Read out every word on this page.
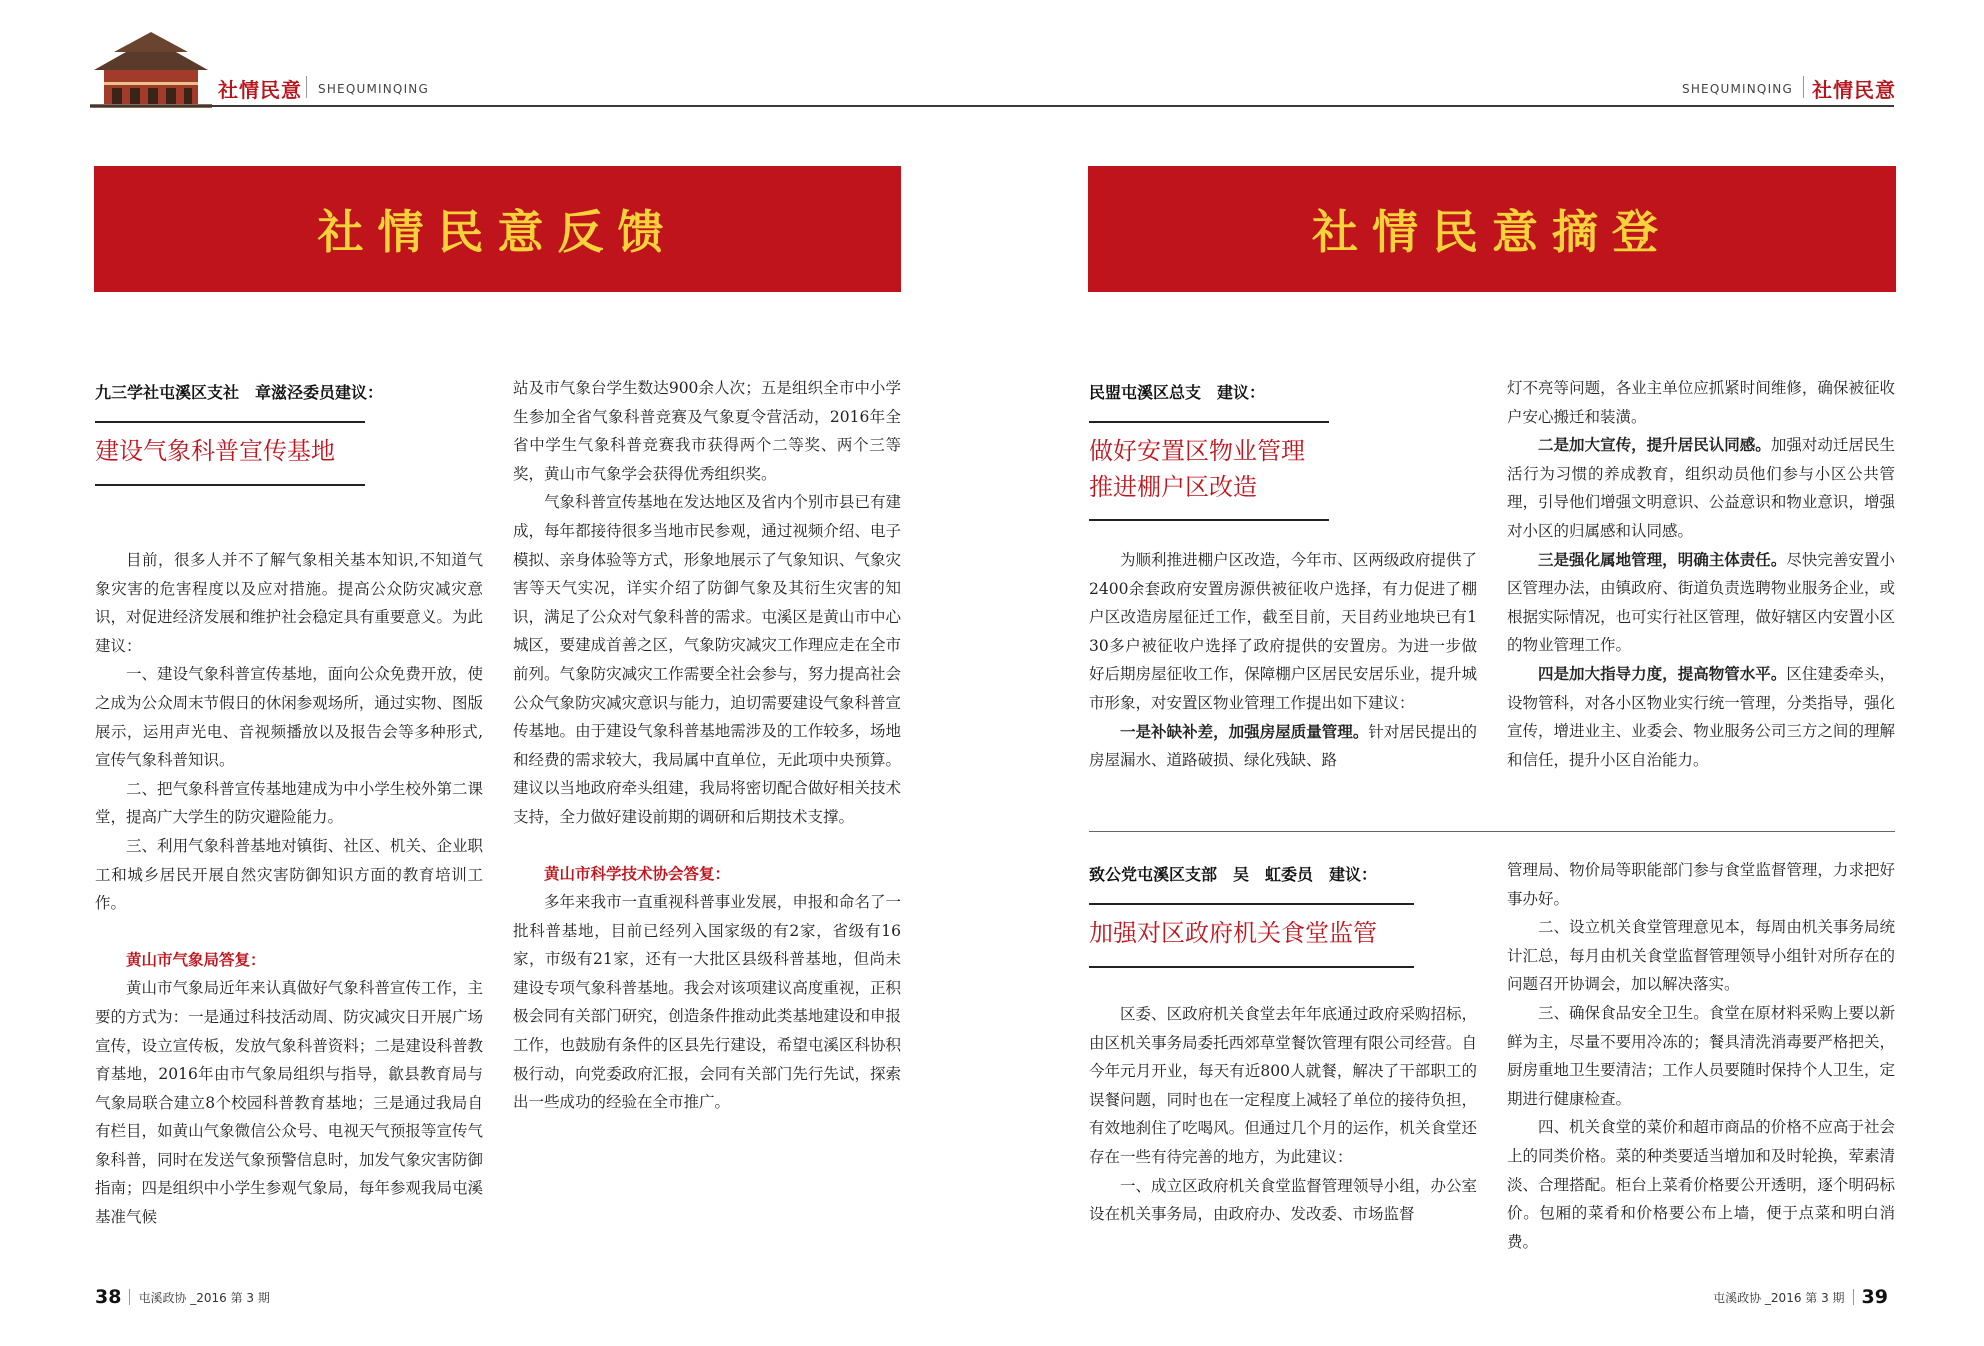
社情民意 SHEQUMINQING	SHEQUMINQING 社情民意
社情民意反馈	社情民意摘登
九三学社屯溪区支社　章滋泾委员建议：
建设气象科普宣传基地

目前，很多人并不了解气象相关基本知识,不知道气象灾害的危害程度以及应对措施。提高公众防灾减灾意识，对促进经济发展和维护社会稳定具有重要意义。为此建议：

一、建设气象科普宣传基地，面向公众免费开放，使之成为公众周末节假日的休闲参观场所，通过实物、图版展示，运用声光电、音视频播放以及报告会等多种形式,宣传气象科普知识。

二、把气象科普宣传基地建成为中小学生校外第二课堂，提高广大学生的防灾避险能力。

三、利用气象科普基地对镇街、社区、机关、企业职工和城乡居民开展自然灾害防御知识方面的教育培训工作。

黄山市气象局答复：

黄山市气象局近年来认真做好气象科普宣传工作，主要的方式为：一是通过科技活动周、防灾减灾日开展广场宣传，设立宣传板，发放气象科普资料；二是建设科普教育基地，2016年由市气象局组织与指导，歙县教育局与气象局联合建立8个校园科普教育基地；三是通过我局自有栏目，如黄山气象微信公众号、电视天气预报等宣传气象科普，同时在发送气象预警信息时，加发气象灾害防御指南；四是组织中小学生参观气象局，每年参观我局屯溪基准气候

站及市气象台学生数达900余人次；五是组织全市中小学生参加全省气象科普竞赛及气象夏令营活动，2016年全省中学生气象科普竞赛我市获得两个二等奖、两个三等奖，黄山市气象学会获得优秀组织奖。

气象科普宣传基地在发达地区及省内个别市县已有建成，每年都接待很多当地市民参观，通过视频介绍、电子模拟、亲身体验等方式，形象地展示了气象知识、气象灾害等天气实况，详实介绍了防御气象及其衍生灾害的知识，满足了公众对气象科普的需求。屯溪区是黄山市中心城区，要建成首善之区，气象防灾减灾工作理应走在全市前列。气象防灾减灾工作需要全社会参与，努力提高社会公众气象防灾减灾意识与能力，迫切需要建设气象科普宣传基地。由于建设气象科普基地需涉及的工作较多，场地和经费的需求较大，我局属中直单位，无此项中央预算。建议以当地政府牵头组建，我局将密切配合做好相关技术支持，全力做好建设前期的调研和后期技术支撑。

黄山市科学技术协会答复：

多年来我市一直重视科普事业发展，申报和命名了一批科普基地，目前已经列入国家级的有2家，省级有16家，市级有21家，还有一大批区县级科普基地，但尚未建设专项气象科普基地。我会对该项建议高度重视，正积极会同有关部门研究，创造条件推动此类基地建设和申报工作，也鼓励有条件的区县先行建设，希望屯溪区科协积极行动，向党委政府汇报，会同有关部门先行先试，探索出一些成功的经验在全市推广。

38 屯溪政协 _2016 第 3 期
民盟屯溪区总支　建议：
做好安置区物业管理
推进棚户区改造

为顺利推进棚户区改造，今年市、区两级政府提供了2400余套政府安置房源供被征收户选择，有力促进了棚户区改造房屋征迁工作，截至目前，天目药业地块已有130多户被征收户选择了政府提供的安置房。为进一步做好后期房屋征收工作，保障棚户区居民安居乐业，提升城市形象，对安置区物业管理工作提出如下建议：

一是补缺补差，加强房屋质量管理。针对居民提出的房屋漏水、道路破损、绿化残缺、路

灯不亮等问题，各业主单位应抓紧时间维修，确保被征收户安心搬迁和装潢。

二是加大宣传，提升居民认同感。加强对动迁居民生活行为习惯的养成教育，组织动员他们参与小区公共管理，引导他们增强文明意识、公益意识和物业意识，增强对小区的归属感和认同感。

三是强化属地管理，明确主体责任。尽快完善安置小区管理办法，由镇政府、街道负责选聘物业服务企业，或根据实际情况，也可实行社区管理，做好辖区内安置小区的物业管理工作。

四是加大指导力度，提高物管水平。区住建委牵头，设物管科，对各小区物业实行统一管理，分类指导，强化宣传，增进业主、业委会、物业服务公司三方之间的理解和信任，提升小区自治能力。

致公党屯溪区支部　吴　虹委员　建议：
加强对区政府机关食堂监管

区委、区政府机关食堂去年年底通过政府采购招标，由区机关事务局委托西郊草堂餐饮管理有限公司经营。自今年元月开业，每天有近800人就餐，解决了干部职工的误餐问题，同时也在一定程度上减轻了单位的接待负担，有效地刹住了吃喝风。但通过几个月的运作，机关食堂还存在一些有待完善的地方，为此建议：

一、成立区政府机关食堂监督管理领导小组，办公室设在机关事务局，由政府办、发改委、市场监督

管理局、物价局等职能部门参与食堂监督管理，力求把好事办好。

二、设立机关食堂管理意见本，每周由机关事务局统计汇总，每月由机关食堂监督管理领导小组针对所存在的问题召开协调会，加以解决落实。

三、确保食品安全卫生。食堂在原材料采购上要以新鲜为主，尽量不要用冷冻的；餐具清洗消毒要严格把关，厨房重地卫生要清洁；工作人员要随时保持个人卫生，定期进行健康检查。

四、机关食堂的菜价和超市商品的价格不应高于社会上的同类价格。菜的种类要适当增加和及时轮换，荤素清淡、合理搭配。柜台上菜肴价格要公开透明，逐个明码标价。包厢的菜肴和价格要公布上墙，便于点菜和明白消费。

屯溪政协 _2016 第 3 期 39
